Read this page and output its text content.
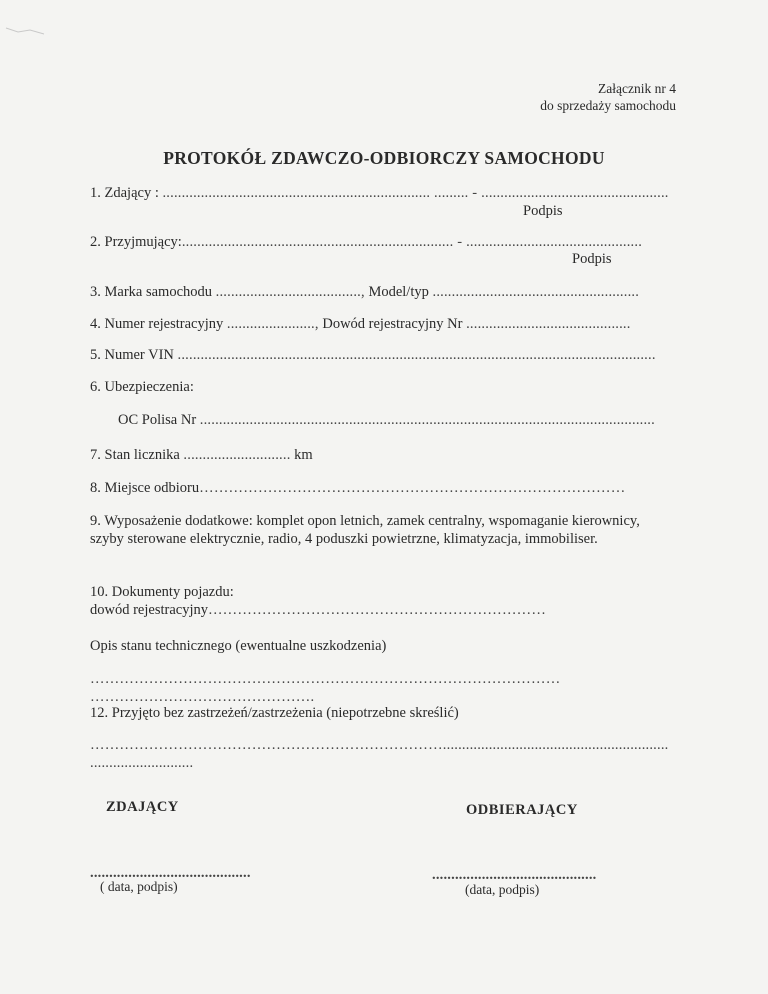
Załącznik nr 4
do sprzedaży samochodu
PROTOKÓŁ ZDAWCZO-ODBIORCZY SAMOCHODU
1. Zdający : ...................................................................... ......... - .................................................
Podpis
2. Przyjmujący:....................................................................... - ..............................................
Podpis
3. Marka samochodu ......................................, Model/typ ......................................................
4. Numer rejestracyjny ......................., Dowód rejestracyjny Nr ...........................................
5. Numer VIN .............................................................................................................................
6. Ubezpieczenia:
OC Polisa Nr .......................................................................................................................
7. Stan licznika ............................ km
8. Miejsce odbioru……………………………………………………………………………
9. Wyposażenie dodatkowe: komplet opon letnich, zamek centralny, wspomaganie kierownicy, szyby sterowane elektrycznie, radio, 4 poduszki powietrzne, klimatyzacja, immobiliser.
10. Dokumenty pojazdu:
dowód rejestracyjny……………………………………………………………
Opis stanu technicznego (ewentualne uszkodzenia)
……………………………………………………………………………………
……………………………………….
12. Przyjęto bez zastrzeżeń/zastrzeżenia (niepotrzebne skreślić)
………………………………………………………………...........................................................
...........................
ZDAJĄCY	ODBIERAJĄCY
..........................................	...........................................
( data, podpis)	(data, podpis)
